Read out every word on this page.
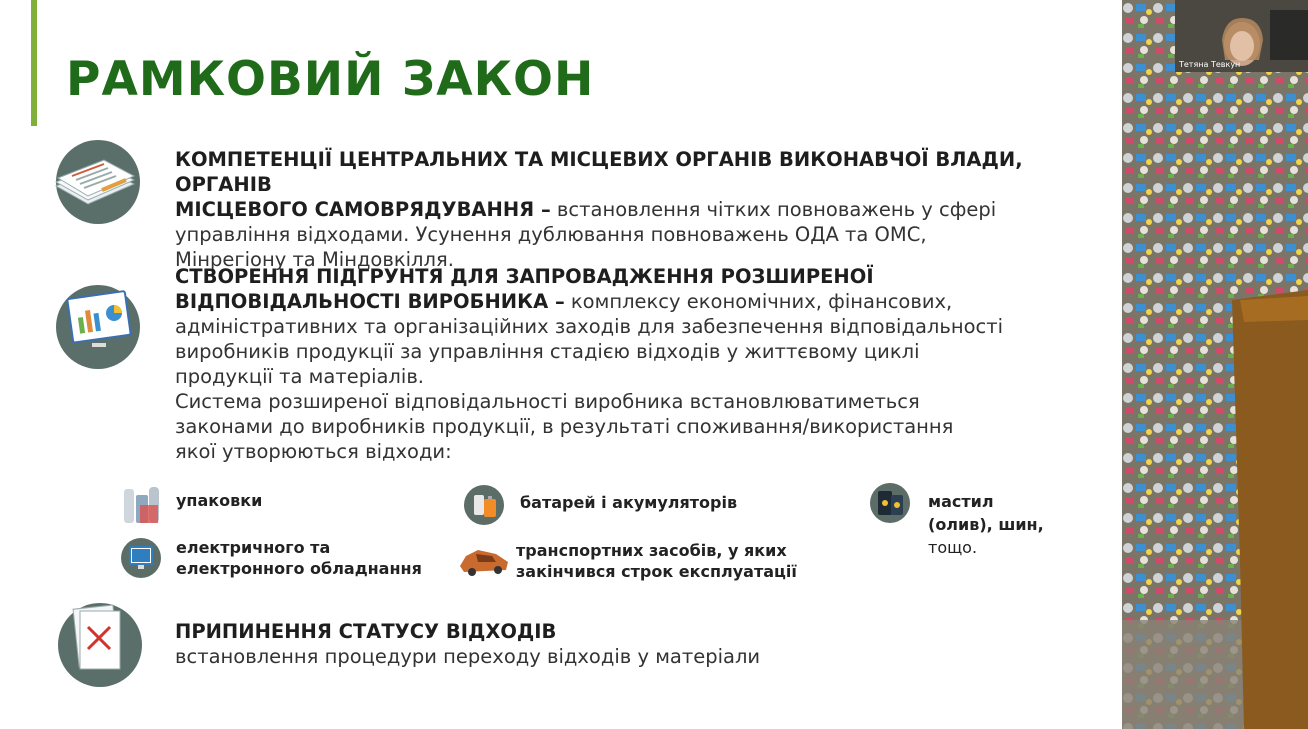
РАМКОВИЙ ЗАКОН
КОМПЕТЕНЦІЇ ЦЕНТРАЛЬНИХ ТА МІСЦЕВИХ ОРГАНІВ ВИКОНАВЧОЇ ВЛАДИ, ОРГАНІВ
МІСЦЕВОГО САМОВРЯДУВАННЯ – встановлення чітких повноважень у сфері
управління відходами. Усунення дублювання повноважень ОДА та ОМС,
Мінрегіону та Міндовкілля.
СТВОРЕННЯ ПІДГРУНТЯ ДЛЯ ЗАПРОВАДЖЕННЯ РОЗШИРЕНОЇ
ВІДПОВІДАЛЬНОСТІ ВИРОБНИКА – комплексу економічних, фінансових,
адміністративних та організаційних заходів для забезпечення відповідальності
виробників продукції за управління стадією відходів у життєвому циклі
продукції та матеріалів.
Система розширеної відповідальності виробника встановлюватиметься
законами до виробників продукції, в результаті споживання/використання
якої утворюються відходи:
упаковки	батарей і акумуляторів	мастил
(олив), шин,
тощо.
електричного та
електронного обладнання
транспортних засобів, у яких
закінчився строк експлуатації
ПРИПИНЕННЯ СТАТУСУ ВІДХОДІВ
встановлення процедури переходу відходів у матеріали
Тетяна Тевкун
